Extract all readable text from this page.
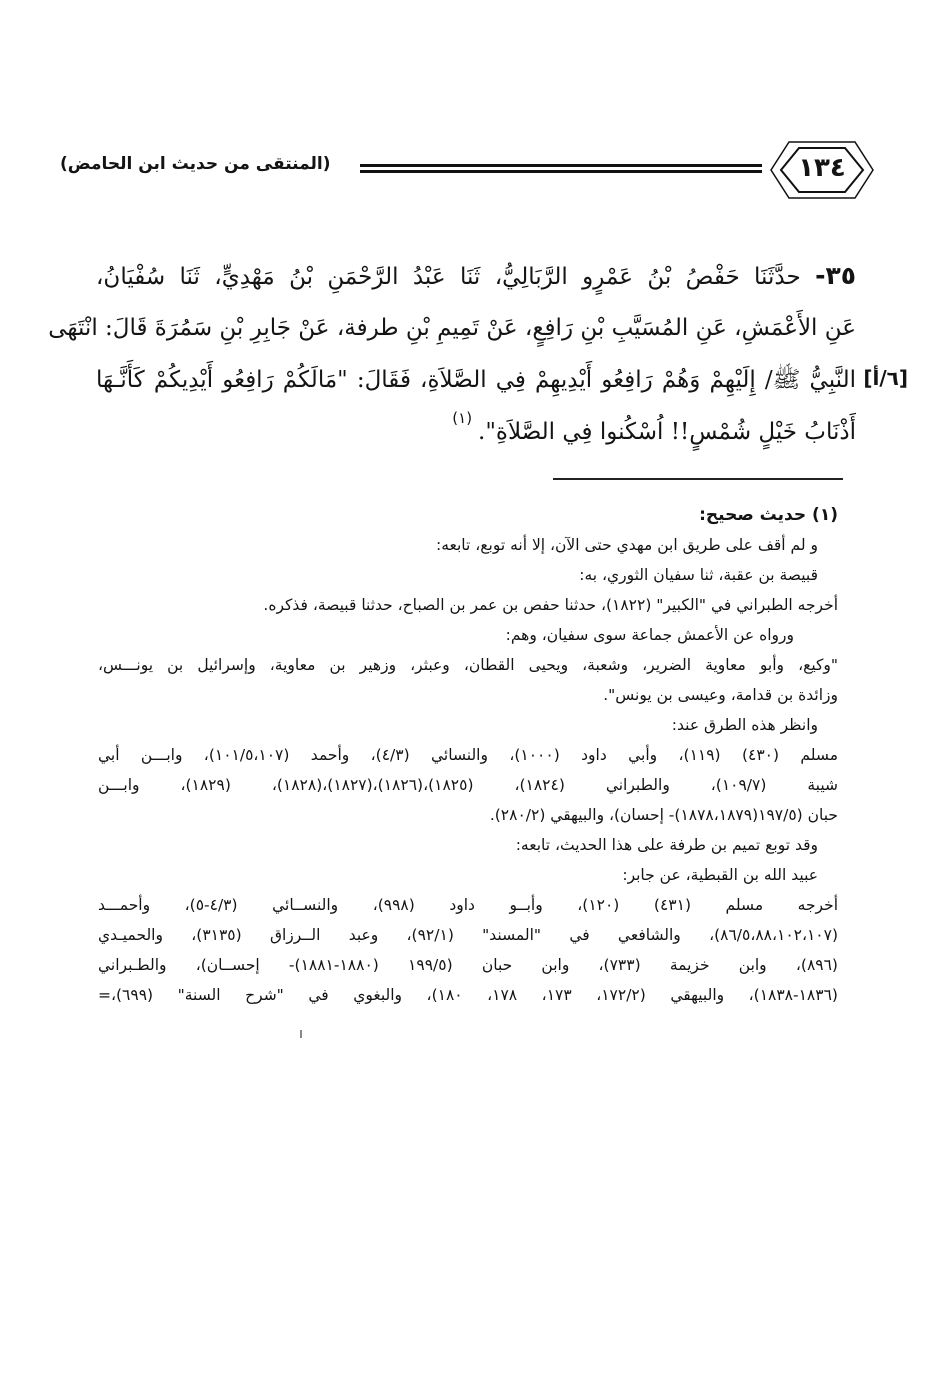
(المنتقى من حديث ابن الحامض)	١٣٤
٣٥- حدَّثَنَا حَفْصُ بْنُ عَمْرٍو الرَّبَالِيُّ، ثَنَا عَبْدُ الرَّحْمَنِ بْنُ مَهْدِيٍّ، ثَنَا سُفْيَانُ،
عَنِ الأَعْمَشِ، عَنِ المُسَيَّبِ بْنِ رَافِعٍ، عَنْ تَمِيمِ بْنِ طرفة، عَنْ جَابِرِ بْنِ سَمُرَةَ قَالَ: انْتَهَى
النَّبِيُّ ﷺ/ إِلَيْهِمْ وَهُمْ رَافِعُو أَيْدِيهِمْ فِي الصَّلاَةِ، فَقَالَ: "مَالَكُمْ رَافِعُو أَيْدِيكُمْ كَأَنَّـهَا
أَذْنَابُ خَيْلٍ شُمْسٍ!! اُسْكُنوا فِي الصَّلاَةِ".$^{(١)}$
[٦/أ]
(١) حديث صحيح:
و لم أقف على طريق ابن مهدي حتى الآن، إلا أنه توبع، تابعه:
قبيصة بن عقبة، ثنا سفيان الثوري، به:
أخرجه الطبراني في "الكبير" (١٨٢٢)، حدثنا حفص بن عمر بن الصباح، حدثنا قبيصة، فذكره.
ورواه عن الأعمش جماعة سوى سفيان، وهم:
"وكيع، وأبو معاوية الضرير، وشعبة، ويحيى القطان، وعبثر، وزهير بن معاوية، وإسرائيل بن يونـــس،
وزائدة بن قدامة، وعيسى بن يونس".
وانظر هذه الطرق عند:
مسلم (٤٣٠) (١١٩)، وأبي داود (١٠٠٠)، والنسائي (٤/٣)، وأحمد (١٠١/٥،١٠٧)، وابـــن أبي
شيبة (١٠٩/٧)، والطبراني (١٨٢٤)، (١٨٢٥)،(١٨٢٦)،(١٨٢٧)،(١٨٢٨)، (١٨٢٩)، وابـــن
حبان (١٩٧/٥(١٨٧٨،١٨٧٩)- إحسان)، والبيهقي (٢٨٠/٢).
وقد توبع تميم بن طرفة على هذا الحديث، تابعه:
عبيد الله بن القبطية، عن جابر:
أخرجه مسلم (٤٣١) (١٢٠)، وأبــو داود (٩٩٨)، والنســائي (٤/٣-٥)، وأحمـــد
(٨٦/٥،٨٨،١٠٢،١٠٧)، والشافعي في "المسند" (٩٢/١)، وعبد الــرزاق (٣١٣٥)، والحميـدي
(٨٩٦)، وابن خزيمة (٧٣٣)، وابن حبان (١٩٩/٥ (١٨٨٠-١٨٨١)- إحســان)، والطـبراني
(١٨٣٦-١٨٣٨)، والبيهقي (١٧٢/٢، ١٧٣، ١٧٨، ١٨٠)، والبغوي في "شرح السنة" (٦٩٩)،=
